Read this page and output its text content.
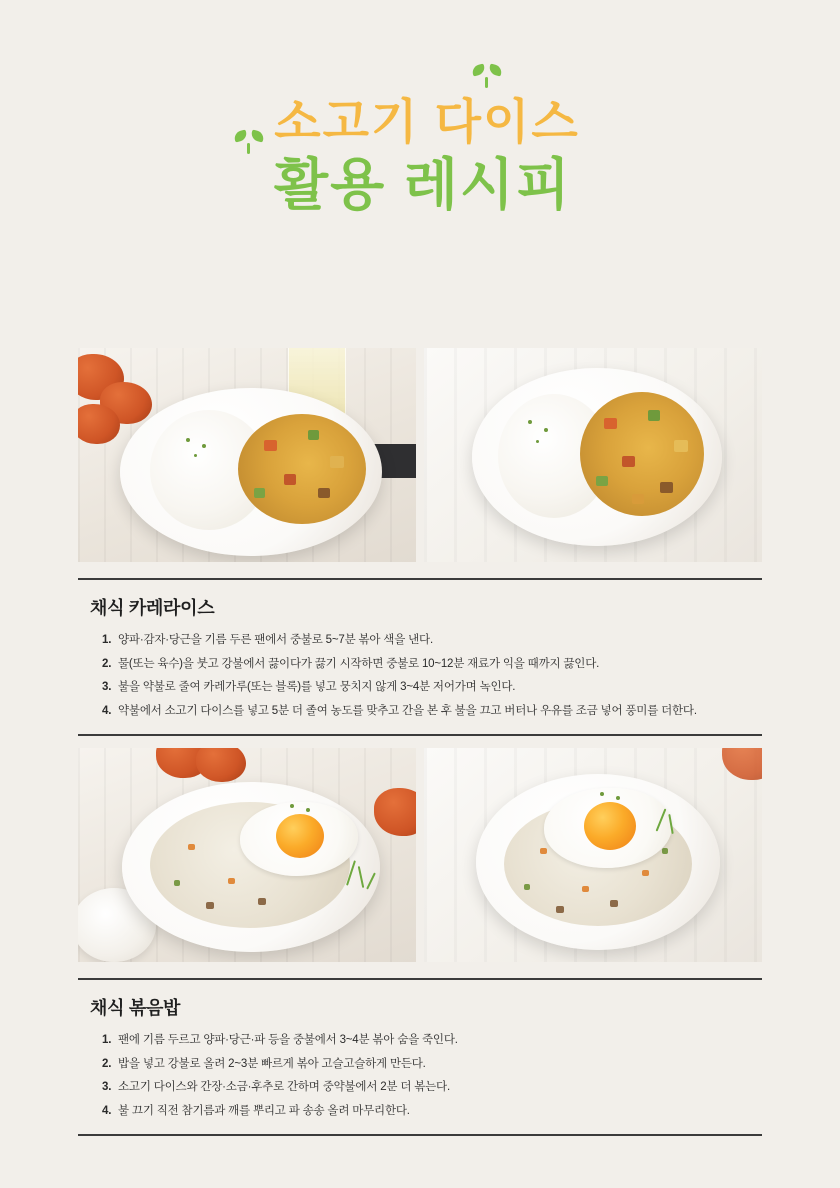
소고기 다이스

활용 레시피
채식 카레라이스
양파·감자·당근을 기름 두른 팬에서 중불로 5~7분 볶아 색을 낸다.
물(또는 육수)을 붓고 강불에서 끓이다가 끓기 시작하면 중불로 10~12분 재료가 익을 때까지 끓인다.
불을 약불로 줄여 카레가루(또는 블록)를 넣고 뭉치지 않게 3~4분 저어가며 녹인다.
약불에서 소고기 다이스를 넣고 5분 더 졸여 농도를 맞추고 간을 본 후 불을 끄고 버터나 우유를 조금 넣어 풍미를 더한다.
채식 볶음밥
팬에 기름 두르고 양파·당근·파 등을 중불에서 3~4분 볶아 숨을 죽인다.
밥을 넣고 강불로 올려 2~3분 빠르게 볶아 고슬고슬하게 만든다.
소고기 다이스와 간장·소금·후추로 간하며 중약불에서 2분 더 볶는다.
불 끄기 직전 참기름과 깨를 뿌리고 파 송송 올려 마무리한다.
